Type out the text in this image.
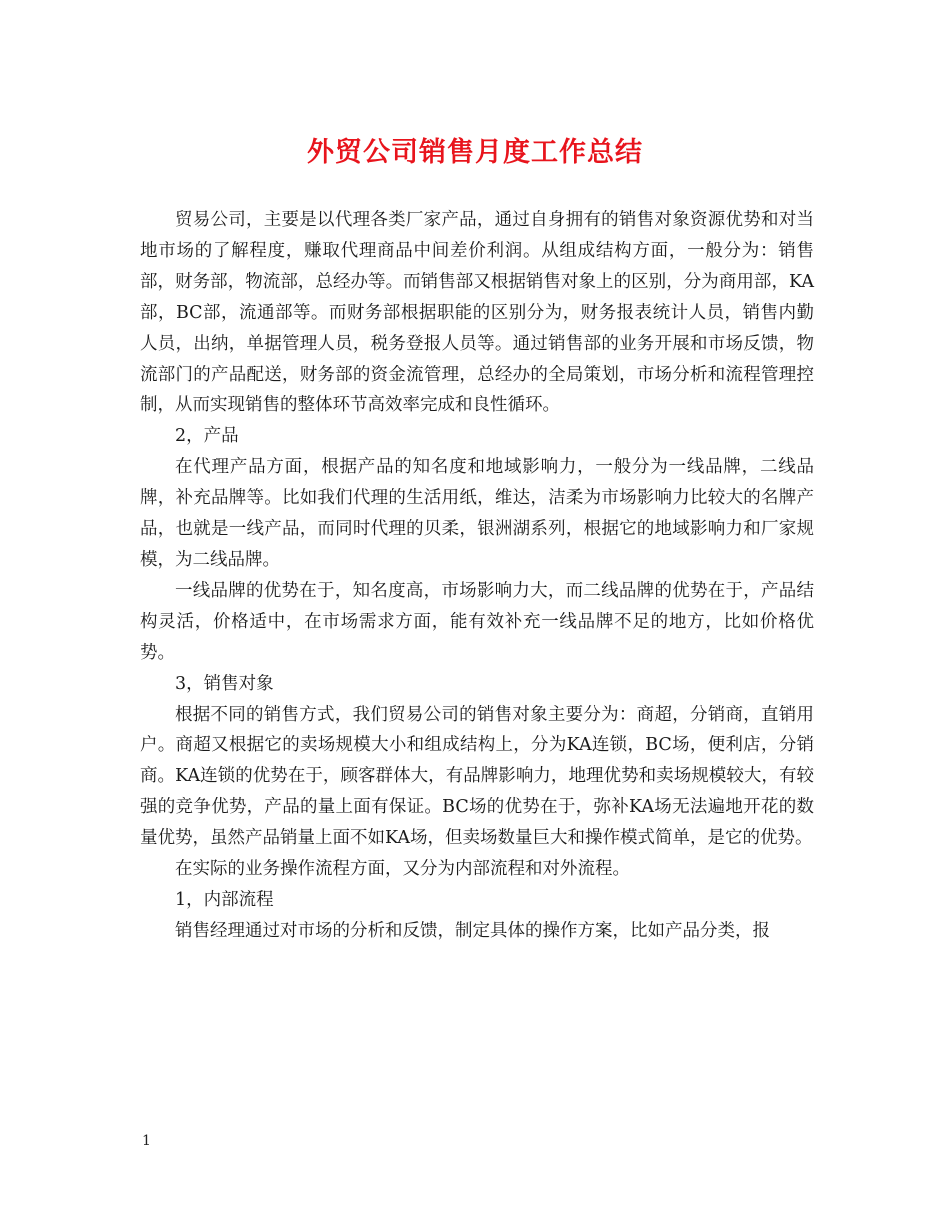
外贸公司销售月度工作总结

贸易公司，主要是以代理各类厂家产品，通过自身拥有的销售对象资源优势和对当地市场的了解程度，赚取代理商品中间差价利润。从组成结构方面，一般分为：销售部，财务部，物流部，总经办等。而销售部又根据销售对象上的区别，分为商用部，KA部，BC部，流通部等。而财务部根据职能的区别分为，财务报表统计人员，销售内勤人员，出纳，单据管理人员，税务登报人员等。通过销售部的业务开展和市场反馈，物流部门的产品配送，财务部的资金流管理，总经办的全局策划，市场分析和流程管理控制，从而实现销售的整体环节高效率完成和良性循环。

2，产品

在代理产品方面，根据产品的知名度和地域影响力，一般分为一线品牌，二线品牌，补充品牌等。比如我们代理的生活用纸，维达，洁柔为市场影响力比较大的名牌产品，也就是一线产品，而同时代理的贝柔，银洲湖系列，根据它的地域影响力和厂家规模，为二线品牌。

一线品牌的优势在于，知名度高，市场影响力大，而二线品牌的优势在于，产品结构灵活，价格适中，在市场需求方面，能有效补充一线品牌不足的地方，比如价格优势。

3，销售对象

根据不同的销售方式，我们贸易公司的销售对象主要分为：商超，分销商，直销用户。商超又根据它的卖场规模大小和组成结构上，分为KA连锁，BC场，便利店，分销商。KA连锁的优势在于，顾客群体大，有品牌影响力，地理优势和卖场规模较大，有较强的竞争优势，产品的量上面有保证。BC场的优势在于，弥补KA场无法遍地开花的数量优势，虽然产品销量上面不如KA场，但卖场数量巨大和操作模式简单，是它的优势。

在实际的业务操作流程方面，又分为内部流程和对外流程。

1，内部流程

销售经理通过对市场的分析和反馈，制定具体的操作方案，比如产品分类，报

1
